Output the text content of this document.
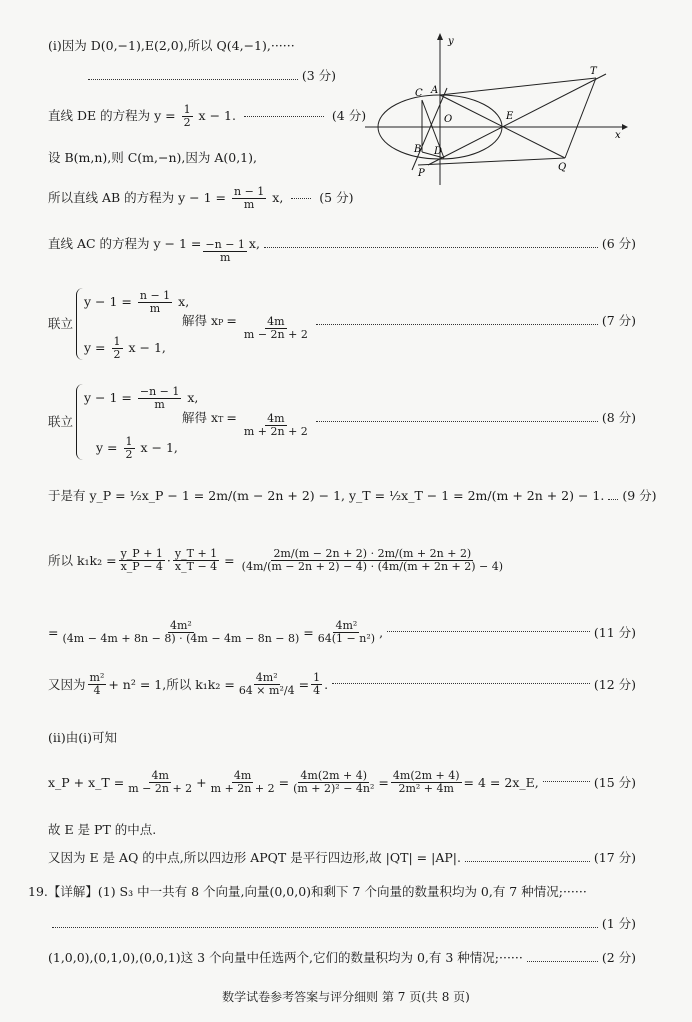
(ⅰ)因为 D(0,−1),E(2,0),所以 Q(4,−1),······
(3 分)
直线 DE 的方程为 $y = \frac{1}{2}$ x − 1.	(4 分)
设 B(m,n),则 C(m,−n),因为 A(0,1),
所以直线 AB 的方程为 $y - 1 = \frac{n - 1}{m} x$,	(5 分)
直线 AC 的方程为 $y - 1 = \frac{-n - 1}{m} x$,	(6 分)
联立
$y - 1 = \frac{n - 1}{m} x$,
$y = \frac{1}{2}$ x − 1,
解得 x $P = \frac{4m}{m - 2n + 2}$	(7 分)
联立
$y - 1 = \frac{-n - 1}{m} x$,
$y = \frac{1}{2}$ x − 1,
解得 x $T = \frac{4m}{m + 2n + 2}$	(8 分)
于是有 y_P = ½x_P − 1 = 2m/(m − 2n + 2) − 1, y_T = ½x_T − 1 = 2m/(m + 2n + 2) − 1. (9 分)
所以 $k_1k_2 = \frac{y\_P + 1}{x\_P - 4} \cdot \frac{y\_T + 1}{x\_T - 4} = \frac{2m/(m - 2n + 2) \cdot 2m/(m + 2n + 2)}{(4m/(m - 2n + 2) - 4) \cdot (4m/(m + 2n + 2) - 4)}$
= $\frac{\text{4m²}}{(4m - 4m + 8n - 8) \cdot (4m - 4m - 8n - 8)} = \frac{\text{4m²}}{\text{64(1 − n²)}}$ ,	(11 分)
又因为 $\frac{\text{m²}}{4} + n^2 = 1$,所以 $k_1k_2 = \frac{\text{4m²}}{\text{64 × m²/4}} = \frac{1}{4}$ .	(12 分)
(ⅱ)由(ⅰ)可知
x_P + x_T = $\frac{4m}{m - 2n + 2} + \frac{4m}{m + 2n + 2} = \frac{4m(2m + 4)}{\text{(m + 2)² − 4n²}} = \frac{4m(2m + 4)}{\text{2m² + 4m}} = 4$ = 2x_E,	(15 分)
故 E 是 PT 的中点.
又因为 E 是 AQ 的中点,所以四边形 APQT 是平行四边形,故 |QT| = |AP|.	(17 分)
19.【详解】(1) S₃ 中一共有 8 个向量,向量(0,0,0)和剩下 7 个向量的数量积均为 0,有 7 种情况;······
(1 分)
(1,0,0),(0,1,0),(0,0,1)这 3 个向量中任选两个,它们的数量积均为 0,有 3 种情况;······	(2 分)
y
x
T
C A
O	E
B D
P
Q
数学试卷参考答案与评分细则 第 7 页(共 8 页)
